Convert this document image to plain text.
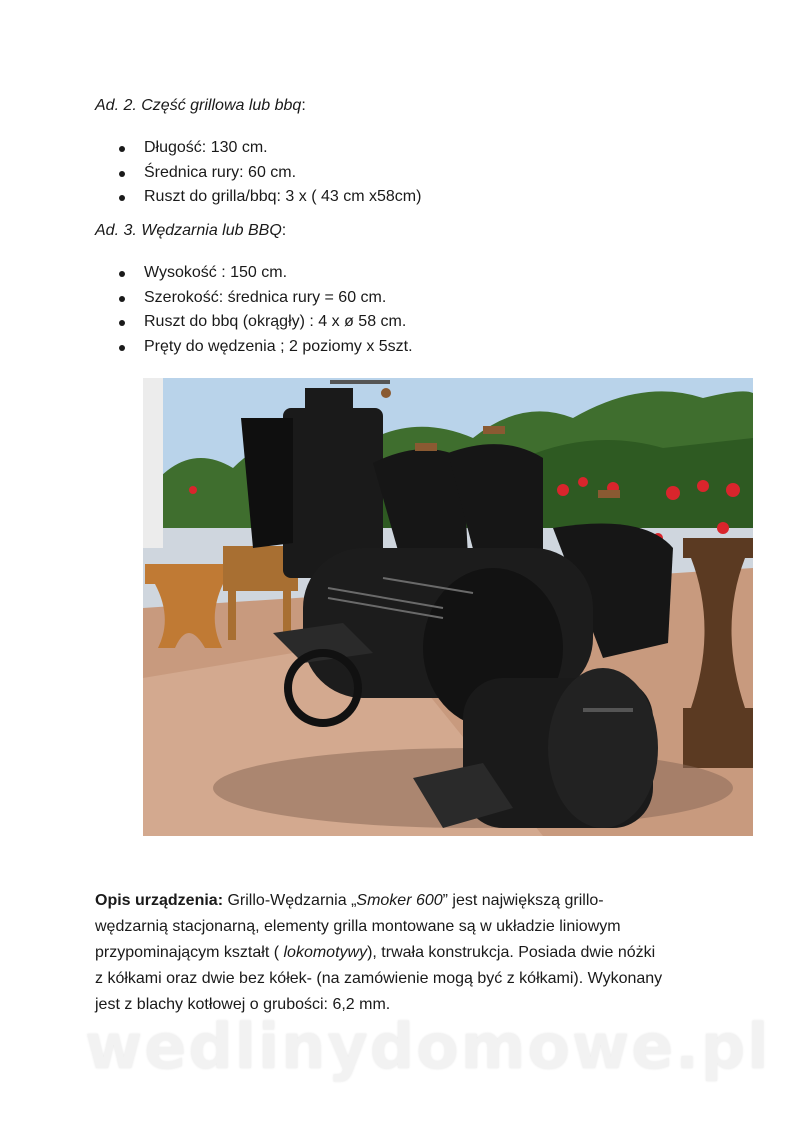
Ad. 2. Część grillowa lub bbq:
Długość: 130 cm.
Średnica rury: 60 cm.
Ruszt do grilla/bbq: 3 x ( 43 cm x58cm)
Ad. 3. Wędzarnia lub BBQ:
Wysokość : 150 cm.
Szerokość: średnica rury = 60 cm.
Ruszt do bbq (okrągły) : 4 x ø 58 cm.
Pręty do wędzenia ; 2 poziomy x 5szt.
Opis urządzenia: Grillo-Wędzarnia „Smoker 600” jest największą grillo-
wędzarnią stacjonarną, elementy grilla montowane są w układzie liniowym
przypominającym kształt ( lokomotywy), trwała konstrukcja. Posiada dwie nóżki
z kółkami oraz dwie bez kółek- (na zamówienie mogą być z kółkami). Wykonany
jest z blachy kotłowej o grubości: 6,2 mm.
wedlinydomowe.pl
